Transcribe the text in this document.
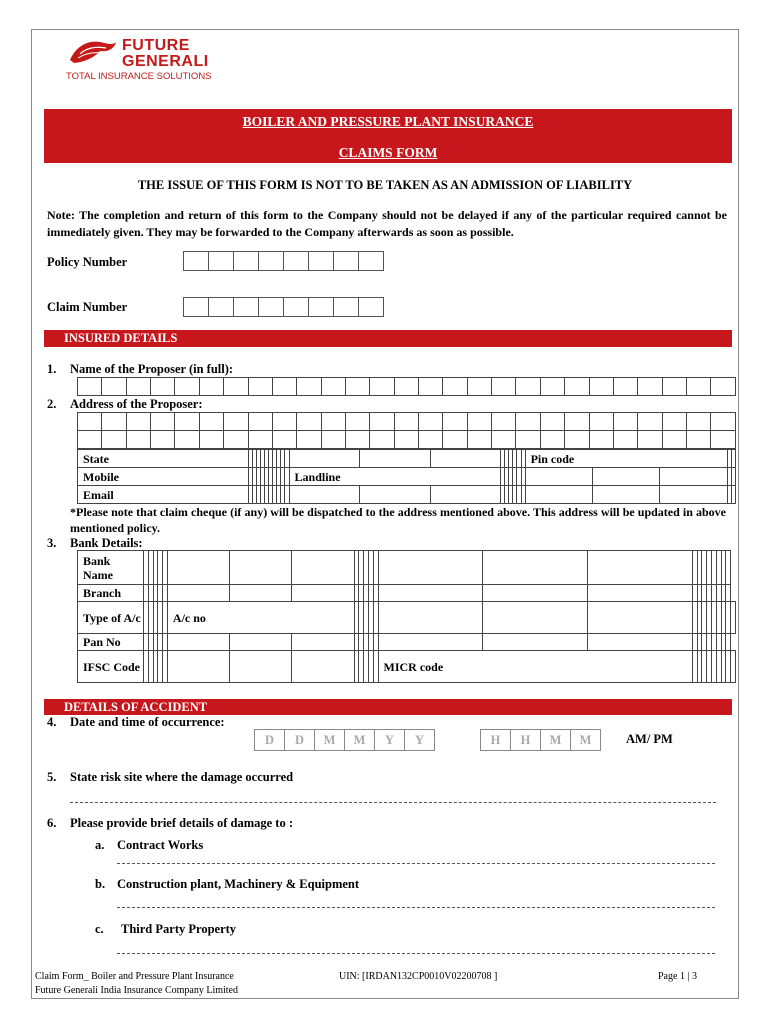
FUTURE
GENERALI
TOTAL INSURANCE SOLUTIONS
BOILER AND PRESSURE PLANT INSURANCE
CLAIMS FORM
THE ISSUE OF THIS FORM IS NOT TO BE TAKEN AS AN ADMISSION OF LIABILITY
Note: The completion and return of this form to the Company should not be delayed if any of the particular required cannot be immediately given. They may be forwarded to the Company afterwards as soon as possible.
Policy Number
Claim Number
INSURED DETAILS
1. Name of the Proposer (in full):

2. Address of the Proposer:

State																				Pin code				
Mobile											Landline													
Email																								
*Please note that claim cheque (if any) will be dispatched to the address mentioned above. This address will be updated in above mentioned policy.
3. Bank Details:
Bank Name																									
Branch																									
Type of A/c						A/c no																			
Pan No																									
IFSC Code														MICR code											
DETAILS OF ACCIDENT
4. Date and time of occurrence:
D	D	M	M	Y	Y	H	H	M	M	AM/ PM
5. State risk site where the damage occurred
6. Please provide brief details of damage to :
a. Contract Works
b. Construction plant, Machinery & Equipment
c. Third Party Property
Claim Form_ Boiler and Pressure Plant Insurance
Future Generali India Insurance Company Limited
UIN: [IRDAN132CP0010V02200708 ]	Page 1 | 3
